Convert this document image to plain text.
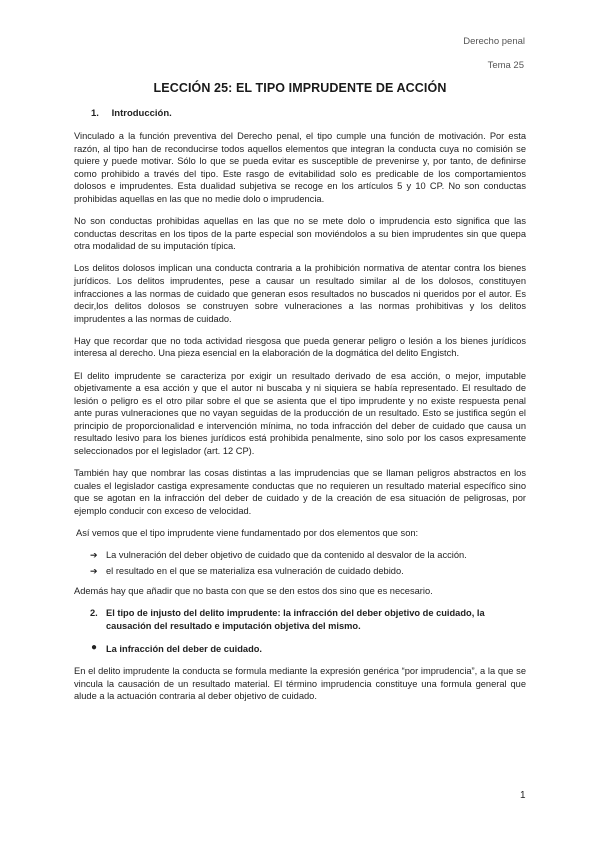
Derecho penal
Tema 25
LECCIÓN 25: EL TIPO IMPRUDENTE DE ACCIÓN
1. Introducción.

Vinculado a la función preventiva del Derecho penal, el tipo cumple una función de motivación. Por esta razón, al tipo han de reconducirse todos aquellos elementos que integran la conducta cuya no comisión se quiere y puede motivar. Sólo lo que se pueda evitar es susceptible de prevenirse y, por tanto, de definirse como prohibido a través del tipo. Este rasgo de evitabilidad solo es predicable de los comportamientos dolosos e imprudentes. Esta dualidad subjetiva se recoge en los artículos 5 y 10 CP. No son conductas prohibidas aquellas en las que no medie dolo o imprudencia.

No son conductas prohibidas aquellas en las que no se mete dolo o imprudencia esto significa que las conductas descritas en los tipos de la parte especial son moviéndolos a su bien imprudentes sin que quepa otra modalidad de su imputación típica.

Los delitos dolosos implican una conducta contraria a la prohibición normativa de atentar contra los bienes jurídicos. Los delitos imprudentes, pese a causar un resultado similar al de los dolosos, constituyen infracciones a las normas de cuidado que generan esos resultados no buscados ni queridos por el autor. Es decir,los delitos dolosos se construyen sobre vulneraciones a las normas prohibitivas y los delitos imprudentes a las normas de cuidado.

Hay que recordar que no toda actividad riesgosa que pueda generar peligro o lesión a los bienes jurídicos interesa al derecho. Una pieza esencial en la elaboración de la dogmática del delito Engistch.

El delito imprudente se caracteriza por exigir un resultado derivado de esa acción, o mejor, imputable objetivamente a esa acción y que el autor ni buscaba y ni siquiera se había representado. El resultado de lesión o peligro es el otro pilar sobre el que se asienta que el tipo imprudente y no existe respuesta penal ante puras vulneraciones que no vayan seguidas de la producción de un resultado. Esto se justifica según el principio de proporcionalidad e intervención mínima, no toda infracción del deber de cuidado que causa un resultado lesivo para los bienes jurídicos está prohibida penalmente, sino solo por los casos expresamente seleccionados por el legislador (art. 12 CP).

También hay que nombrar las cosas distintas a las imprudencias que se llaman peligros abstractos en los cuales el legislador castiga expresamente conductas que no requieren un resultado material específico sino que se agotan en la infracción del deber de cuidado y de la creación de esa situación de peligrosas, por ejemplo conducir con exceso de velocidad.

Así vemos que el tipo imprudente viene fundamentado por dos elementos que son:

➔ La vulneración del deber objetivo de cuidado que da contenido al desvalor de la acción.
➔ el resultado en el que se materializa esa vulneración de cuidado debido.

Además hay que añadir que no basta con que se den estos dos sino que es necesario.

2. El tipo de injusto del delito imprudente: la infracción del deber objetivo de cuidado, la causación del resultado e imputación objetiva del mismo.
● La infracción del deber de cuidado.

En el delito imprudente la conducta se formula mediante la expresión genérica “por imprudencia”, a la que se vincula la causación de un resultado material. El término imprudencia constituye una formula general que alude a la actuación contraria al deber objetivo de cuidado.

1
